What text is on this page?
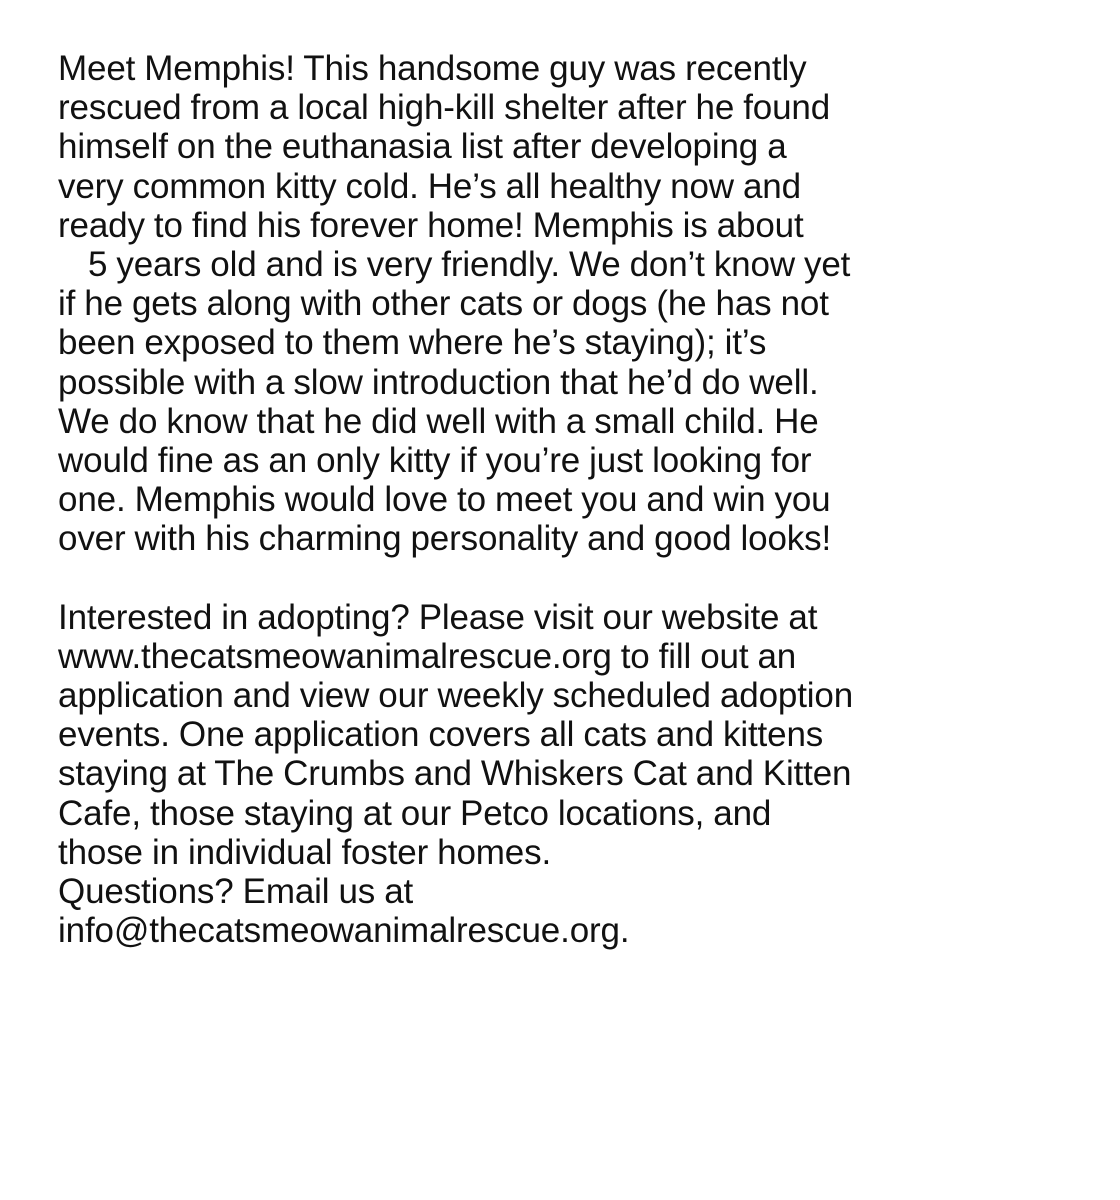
Meet Memphis! This handsome guy was recently
rescued from a local high-kill shelter after he found
himself on the euthanasia list after developing a
very common kitty cold. He’s all healthy now and
ready to find his forever home! Memphis is about
5 years old and is very friendly. We don’t know yet
if he gets along with other cats or dogs (he has not
been exposed to them where he’s staying); it’s
possible with a slow introduction that he’d do well.
We do know that he did well with a small child. He
would fine as an only kitty if you’re just looking for
one. Memphis would love to meet you and win you
over with his charming personality and good looks!
Interested in adopting? Please visit our website at
www.thecatsmeowanimalrescue.org to fill out an
application and view our weekly scheduled adoption
events. One application covers all cats and kittens
staying at The Crumbs and Whiskers Cat and Kitten
Cafe, those staying at our Petco locations, and
those in individual foster homes.
Questions? Email us at
info@thecatsmeowanimalrescue.org.
